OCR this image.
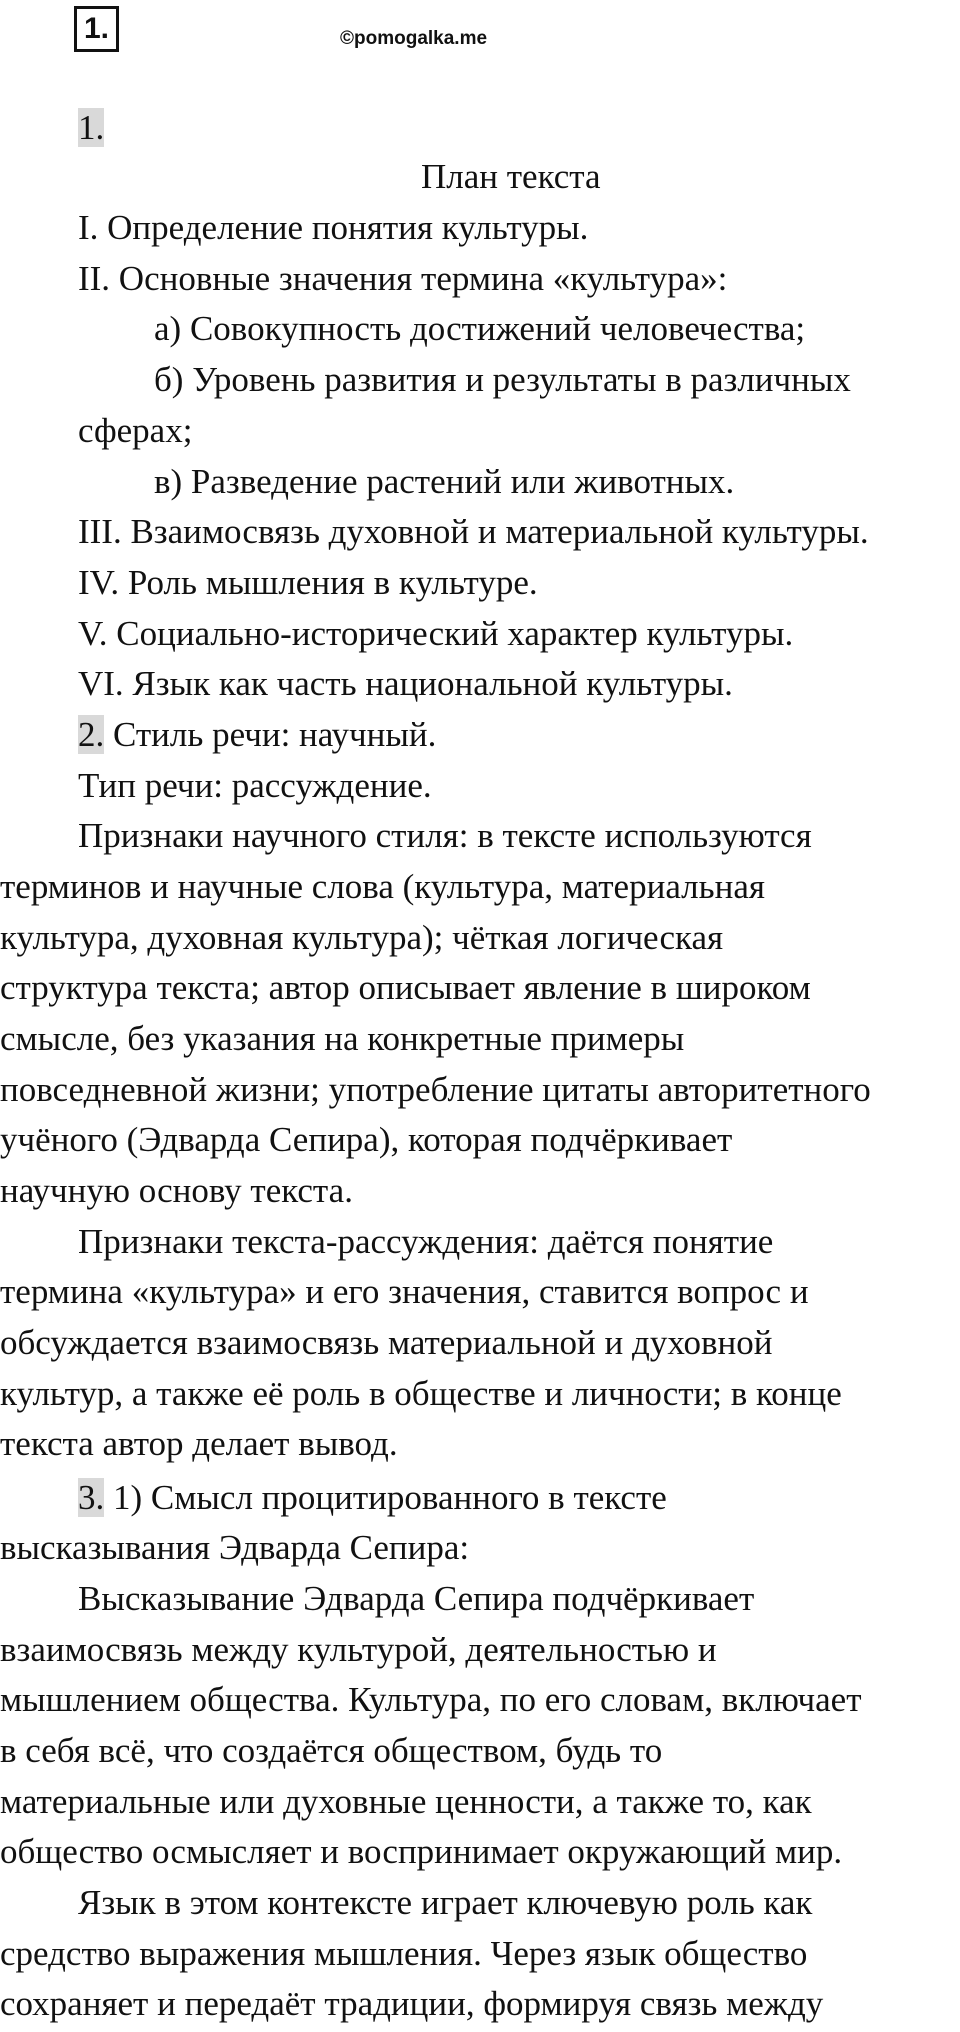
1.	©pomogalka.me
1.
План текста
I. Определение понятия культуры.
II. Основные значения термина «культура»:
а) Совокупность достижений человечества;
б) Уровень развития и результаты в различных
сферах;
в) Разведение растений или животных.
III. Взаимосвязь духовной и материальной культуры.
IV. Роль мышления в культуре.
V. Социально-исторический характер культуры.
VI. Язык как часть национальной культуры.
2. Стиль речи: научный.
Тип речи: рассуждение.
Признаки научного стиля: в тексте используются
терминов и научные слова (культура, материальная
культура, духовная культура); чёткая логическая
структура текста; автор описывает явление в широком
смысле, без указания на конкретные примеры
повседневной жизни; употребление цитаты авторитетного
учёного (Эдварда Сепира), которая подчёркивает
научную основу текста.
Признаки текста-рассуждения: даётся понятие
термина «культура» и его значения, ставится вопрос и
обсуждается взаимосвязь материальной и духовной
культур, а также её роль в обществе и личности; в конце
текста автор делает вывод.
3. 1) Смысл процитированного в тексте
высказывания Эдварда Сепира:
Высказывание Эдварда Сепира подчёркивает
взаимосвязь между культурой, деятельностью и
мышлением общества. Культура, по его словам, включает
в себя всё, что создаётся обществом, будь то
материальные или духовные ценности, а также то, как
общество осмысляет и воспринимает окружающий мир.
Язык в этом контексте играет ключевую роль как
средство выражения мышления. Через язык общество
сохраняет и передаёт традиции, формируя связь между
